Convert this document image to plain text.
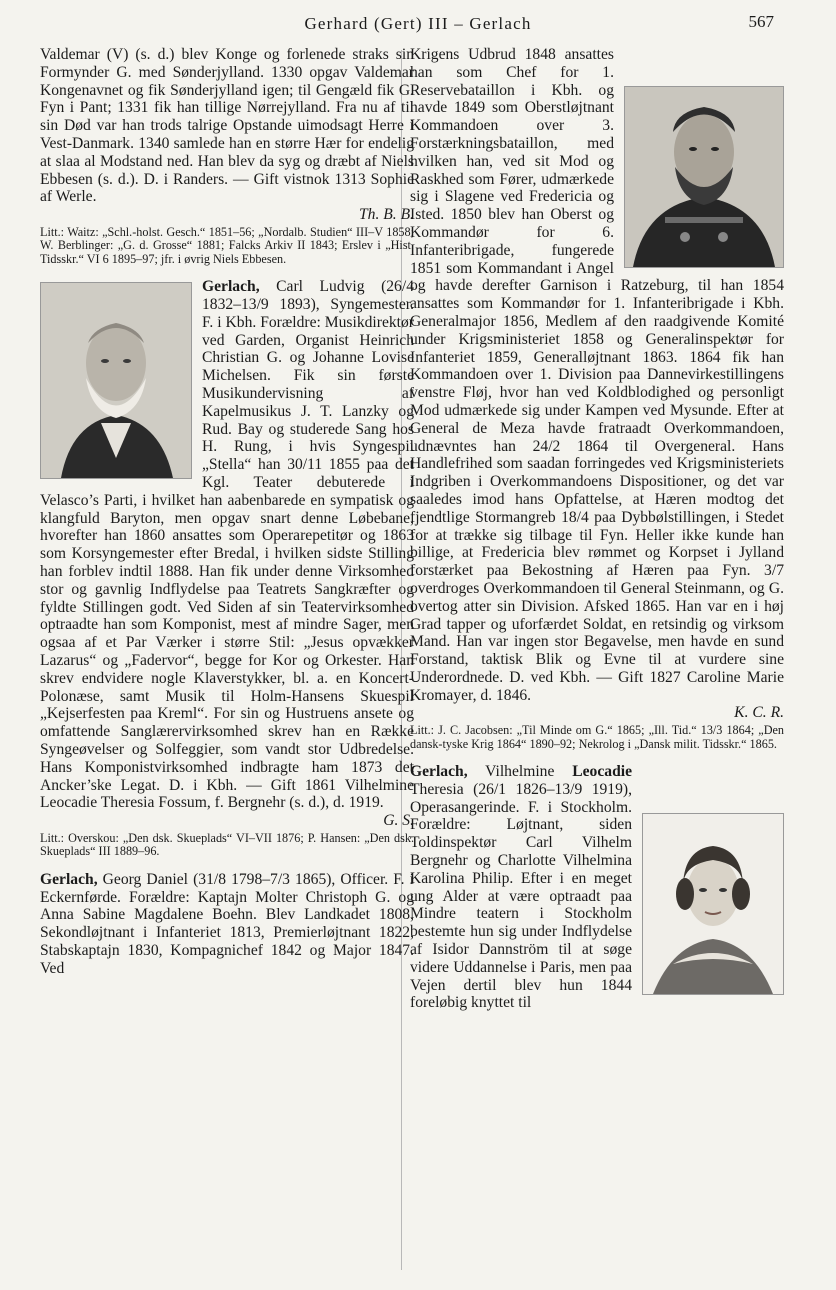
Gerhard (Gert) III – Gerlach	567

Valdemar (V) (s. d.) blev Konge og forlenede straks sin Formynder G. med Sønderjylland. 1330 opgav Valdemar Kongenavnet og fik Sønderjylland igen; til Gengæld fik G. Fyn i Pant; 1331 fik han tillige Nørrejylland. Fra nu af til sin Død var han trods talrige Opstande uimodsagt Herre i Vest-Danmark. 1340 samlede han en større Hær for endelig at slaa al Modstand ned. Han blev da syg og dræbt af Niels Ebbesen (s. d.). D. i Randers. — Gift vistnok 1313 Sophie af Werle.

Th. B. B.

Litt.: Waitz: „Schl.-holst. Gesch.“ 1851–56; „Nordalb. Studien“ III–V 1858; W. Berblinger: „G. d. Grosse“ 1881; Falcks Arkiv II 1843; Erslev i „Hist. Tidsskr.“ VI 6 1895–97; jfr. i øvrig Niels Ebbesen.

Gerlach, Carl Ludvig (26/4 1832–13/9 1893), Syngemester. F. i Kbh. Forældre: Musikdirektør ved Garden, Organist Heinrich Christian G. og Johanne Lovise Michelsen. Fik sin første Musikundervisning af Kapelmusikus J. T. Lanzky og Rud. Bay og studerede Sang hos H. Rung, i hvis Syngespil „Stella“ han 30/11 1855 paa det Kgl. Teater debuterede i Velasco’s Parti, i hvilket han aabenbarede en sympatisk og klangfuld Baryton, men opgav snart denne Løbebane, hvorefter han 1860 ansattes som Operarepetitør og 1863 som Korsyngemester efter Bredal, i hvilken sidste Stilling han forblev indtil 1888. Han fik under denne Virksomhed stor og gavnlig Indflydelse paa Teatrets Sangkræfter og fyldte Stillingen godt. Ved Siden af sin Teatervirksomhed optraadte han som Komponist, mest af mindre Sager, men ogsaa af et Par Værker i større Stil: „Jesus opvækker Lazarus“ og „Fadervor“, begge for Kor og Orkester. Han skrev endvidere nogle Klaverstykker, bl. a. en Koncert-Polonæse, samt Musik til Holm-Hansens Skuespil „Kejserfesten paa Kreml“. For sin og Hustruens ansete og omfattende Sanglærervirksomhed skrev han en Række Syngeøvelser og Solfeggier, som vandt stor Udbredelse. Hans Komponistvirksomhed indbragte ham 1873 det Ancker’ske Legat. D. i Kbh. — Gift 1861 Vilhelmine Leocadie Theresia Fossum, f. Bergnehr (s. d.), d. 1919.

G. S.

Litt.: Overskou: „Den dsk. Skueplads“ VI–VII 1876; P. Hansen: „Den dsk. Skueplads“ III 1889–96.

Gerlach, Georg Daniel (31/8 1798–7/3 1865), Officer. F. i Eckernførde. Forældre: Kaptajn Molter Christoph G. og Anna Sabine Magdalene Boehn. Blev Landkadet 1808, Sekondløjtnant i Infanteriet 1813, Premierløjtnant 1822, Stabskaptajn 1830, Kompagnichef 1842 og Major 1847. Ved

Krigens Udbrud 1848 ansattes han som Chef for 1. Reservebataillon i Kbh. og havde 1849 som Oberstløjtnant Kommandoen over 3. Forstærkningsbataillon, med hvilken han, ved sit Mod og Raskhed som Fører, udmærkede sig i Slagene ved Fredericia og Isted. 1850 blev han Oberst og Kommandør for 6. Infanteribrigade, fungerede 1851 som Kommandant i Angel og havde derefter Garnison i Ratzeburg, til han 1854 ansattes som Kommandør for 1. Infanteribrigade i Kbh. Generalmajor 1856, Medlem af den raadgivende Komité under Krigsministeriet 1858 og Generalinspektør for Infanteriet 1859, Generalløjtnant 1863. 1864 fik han Kommandoen over 1. Division paa Dannevirkestillingens venstre Fløj, hvor han ved Koldblodighed og personligt Mod udmærkede sig under Kampen ved Mysunde. Efter at General de Meza havde fratraadt Overkommandoen, udnævntes han 24/2 1864 til Overgeneral. Hans Handlefrihed som saadan forringedes ved Krigsministeriets Indgriben i Overkommandoens Dispositioner, og det var saaledes imod hans Opfattelse, at Hæren modtog det fjendtlige Stormangreb 18/4 paa Dybbølstillingen, i Stedet for at trække sig tilbage til Fyn. Heller ikke kunde han billige, at Fredericia blev rømmet og Korpset i Jylland forstærket paa Bekostning af Hæren paa Fyn. 3/7 overdroges Overkommandoen til General Steinmann, og G. overtog atter sin Division. Afsked 1865. Han var en i høj Grad tapper og uforfærdet Soldat, en retsindig og virksom Mand. Han var ingen stor Begavelse, men havde en sund Forstand, taktisk Blik og Evne til at vurdere sine Underordnede. D. ved Kbh. — Gift 1827 Caroline Marie Kromayer, d. 1846.

K. C. R.

Litt.: J. C. Jacobsen: „Til Minde om G.“ 1865; „Ill. Tid.“ 13/3 1864; „Den dansk-tyske Krig 1864“ 1890–92; Nekrolog i „Dansk milit. Tidsskr.“ 1865.

Gerlach, Vilhelmine Leocadie Theresia (26/1 1826–13/9 1919), Operasangerinde. F. i Stockholm. Forældre: Løjtnant, siden Toldinspektør Carl Vilhelm Bergnehr og Charlotte Vilhelmina Karolina Philip. Efter i en meget ung Alder at være optraadt paa Mindre teatern i Stockholm bestemte hun sig under Indflydelse af Isidor Dannström til at søge videre Uddannelse i Paris, men paa Vejen dertil blev hun 1844 foreløbig knyttet til
